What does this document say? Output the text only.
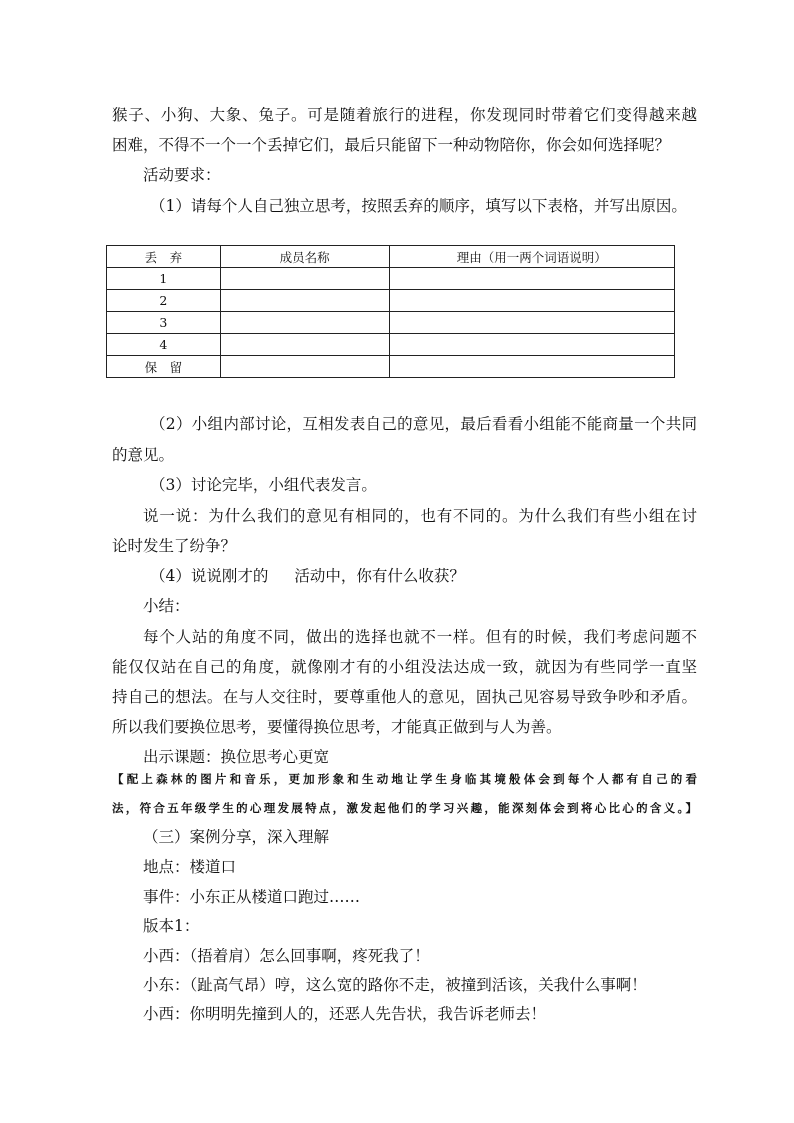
猴子、小狗、大象、兔子。可是随着旅行的进程，你发现同时带着它们变得越来越
困难，不得不一个一个丢掉它们，最后只能留下一种动物陪你，你会如何选择呢？
活动要求：
（1）请每个人自己独立思考，按照丢弃的顺序，填写以下表格，并写出原因。
丢　弃	成员名称	理由（用一两个词语说明）
1		
2		
3		
4		
保　留		
（2）小组内部讨论，互相发表自己的意见，最后看看小组能不能商量一个共同
的意见。
（3）讨论完毕，小组代表发言。
说一说：为什么我们的意见有相同的，也有不同的。为什么我们有些小组在讨
论时发生了纷争？
（4）说说刚才的 活动中，你有什么收获？
小结：
每个人站的角度不同，做出的选择也就不一样。但有的时候，我们考虑问题不
能仅仅站在自己的角度，就像刚才有的小组没法达成一致，就因为有些同学一直坚
持自己的想法。在与人交往时，要尊重他人的意见，固执己见容易导致争吵和矛盾。
所以我们要换位思考，要懂得换位思考，才能真正做到与人为善。
出示课题：换位思考心更宽
【配上森林的图片和音乐，更加形象和生动地让学生身临其境般体会到每个人都有自己的看
法，符合五年级学生的心理发展特点，激发起他们的学习兴趣，能深刻体会到将心比心的含义。】
（三）案例分享，深入理解
地点：楼道口
事件：小东正从楼道口跑过……
版本1：
小西：（捂着肩）怎么回事啊，疼死我了！
小东：（趾高气昂）哼，这么宽的路你不走，被撞到活该，关我什么事啊！
小西：你明明先撞到人的，还恶人先告状，我告诉老师去！
